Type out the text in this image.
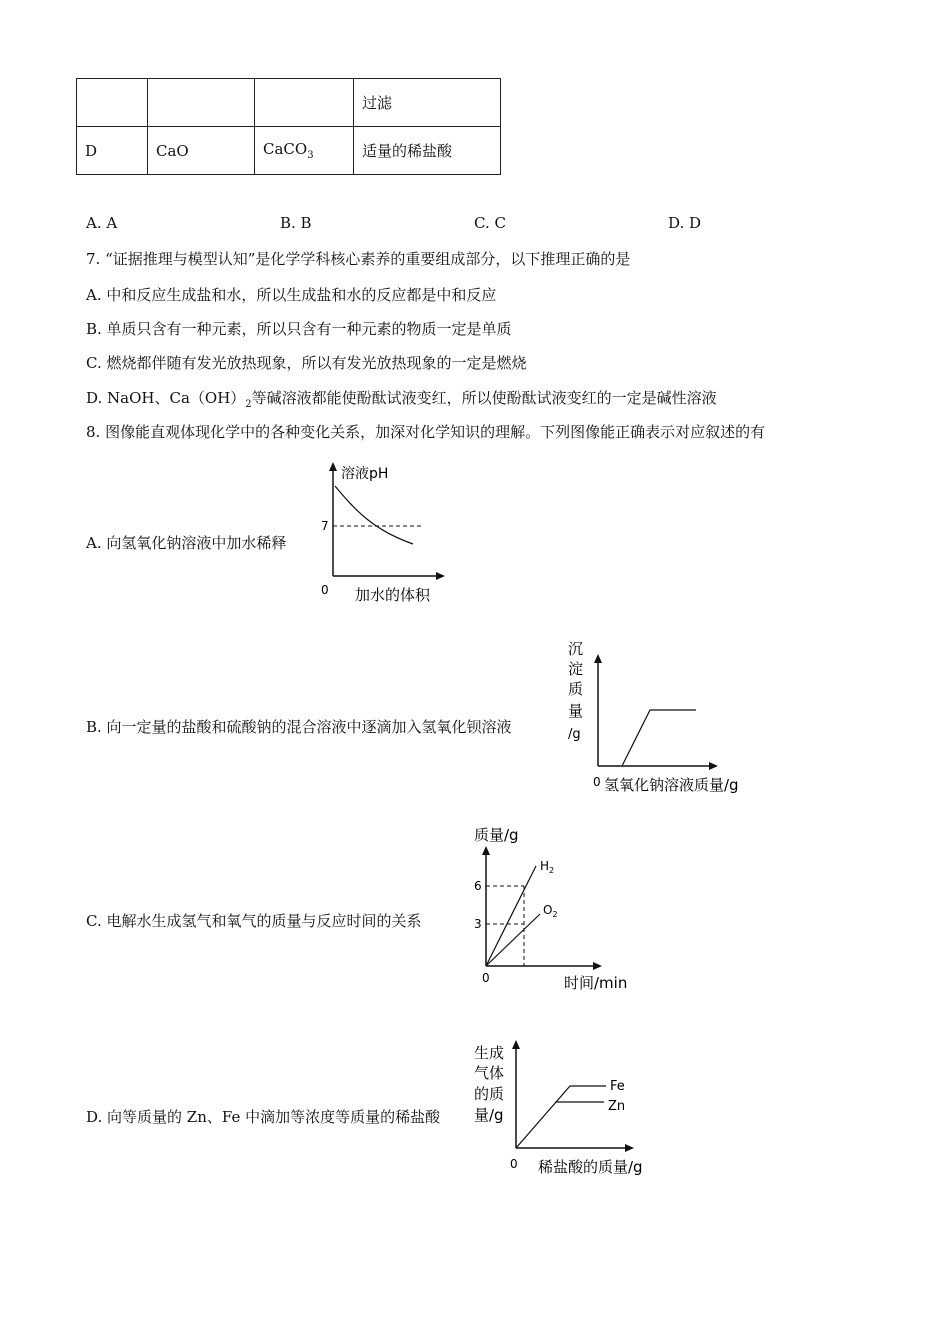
			过滤
D	CaO	CaCO$_3$	适量的稀盐酸
A. A	B. B	C. C	D. D
7. “证据推理与模型认知”是化学学科核心素养的重要组成部分，以下推理正确的是
A. 中和反应生成盐和水，所以生成盐和水的反应都是中和反应
B. 单质只含有一种元素，所以只含有一种元素的物质一定是单质
C. 燃烧都伴随有发光放热现象，所以有发光放热现象的一定是燃烧
D. NaOH、$Ca(OH)_2$等碱溶液都能使酚酞试液变红，所以使酚酞试液变红的一定是碱性溶液
8. 图像能直观体现化学中的各种变化关系，加深对化学知识的理解。下列图像能正确表示对应叙述的有
A. 向氢氧化钠溶液中加水稀释
溶液pH
7
0 加水的体积
B. 向一定量的盐酸和硫酸钠的混合溶液中逐滴加入氢氧化钡溶液
沉
淀
质
量
/g
0 氢氧化钠溶液质量/g
C. 电解水生成氢气和氧气的质量与反应时间的关系
质量/g
6
3
0
$H_2$
$O_2$
时间/min
D. 向等质量的 Zn、Fe 中滴加等浓度等质量的稀盐酸
生成
气体
的质
量/g
Fe
Zn
0 稀盐酸的质量/g
